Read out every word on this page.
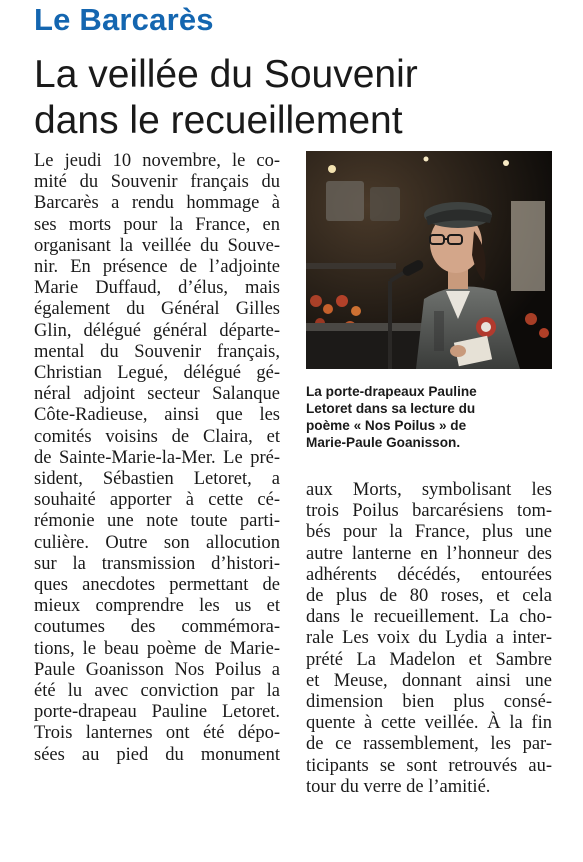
Le Barcarès
La veillée du Souvenir
dans le recueillement
Le jeudi 10 novembre, le co-
mité du Souvenir français du
Barcarès a rendu hommage à
ses morts pour la France, en
organisant la veillée du Souve-
nir. En présence de l’adjointe
Marie Duffaud, d’élus, mais
également du Général Gilles
Glin, délégué général départe-
mental du Souvenir français,
Christian Legué, délégué gé-
néral adjoint secteur Salanque
Côte-Radieuse, ainsi que les
comités voisins de Claira, et
de Sainte-Marie-la-Mer. Le pré-
sident, Sébastien Letoret, a
souhaité apporter à cette cé-
rémonie une note toute parti-
culière. Outre son allocution
sur la transmission d’histori-
ques anecdotes permettant de
mieux comprendre les us et
coutumes des commémora-
tions, le beau poème de Marie-
Paule Goanisson Nos Poilus a
été lu avec conviction par la
porte-drapeau Pauline Letoret.
Trois lanternes ont été dépo-
sées au pied du monument
La porte-drapeaux Pauline
Letoret dans sa lecture du
poème « Nos Poilus » de
Marie-Paule Goanisson.
aux Morts, symbolisant les
trois Poilus barcarésiens tom-
bés pour la France, plus une
autre lanterne en l’honneur des
adhérents décédés, entourées
de plus de 80 roses, et cela
dans le recueillement. La cho-
rale Les voix du Lydia a inter-
prété La Madelon et Sambre
et Meuse, donnant ainsi une
dimension bien plus consé-
quente à cette veillée. À la fin
de ce rassemblement, les par-
ticipants se sont retrouvés au-
tour du verre de l’amitié.
